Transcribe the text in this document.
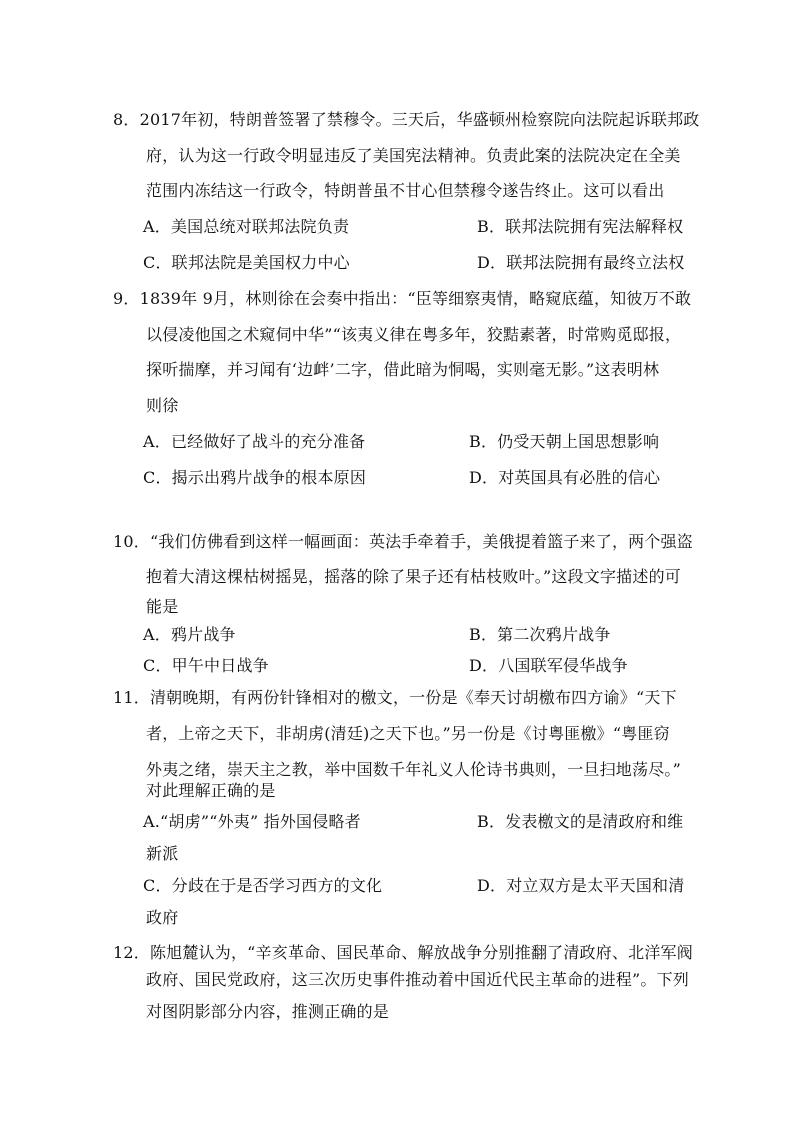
8．2017年初，特朗普签署了禁穆令。三天后，华盛顿州检察院向法院起诉联邦政
府，认为这一行政令明显违反了美国宪法精神。负责此案的法院决定在全美
范围内冻结这一行政令，特朗普虽不甘心但禁穆令遂告终止。这可以看出
A．美国总统对联邦法院负责	B．联邦法院拥有宪法解释权
C．联邦法院是美国权力中心	D．联邦法院拥有最终立法权
9．1839年 9月，林则徐在会奏中指出：“臣等细察夷情，略窥底蕴，知彼万不敢
以侵凌他国之术窥伺中华”“该夷义律在粤多年，狡黠素著，时常购觅邸报，
探听揣摩，并习闻有‘边衅’二字，借此暗为恫喝，实则毫无影。”这表明林
则徐
A．已经做好了战斗的充分准备	B．仍受天朝上国思想影响
C．揭示出鸦片战争的根本原因	D．对英国具有必胜的信心
10．“我们仿佛看到这样一幅画面：英法手牵着手，美俄提着篮子来了，两个强盗
抱着大清这棵枯树摇晃，摇落的除了果子还有枯枝败叶。”这段文字描述的可
能是
A．鸦片战争	B．第二次鸦片战争
C．甲午中日战争	D．八国联军侵华战争
11．清朝晚期，有两份针锋相对的檄文，一份是《奉天讨胡檄布四方谕》“天下
者，上帝之天下，非胡虏(清廷)之天下也。”另一份是《讨粤匪檄》“粤匪窃
外夷之绪，崇天主之教，举中国数千年礼义人伦诗书典则，一旦扫地荡尽。”
对此理解正确的是
A.“胡虏”“外夷” 指外国侵略者	B．发表檄文的是清政府和维
新派
C．分歧在于是否学习西方的文化	D．对立双方是太平天国和清
政府
12．陈旭麓认为，“辛亥革命、国民革命、解放战争分别推翻了清政府、北洋军阀
政府、国民党政府，这三次历史事件推动着中国近代民主革命的进程”。下列
对图阴影部分内容，推测正确的是
